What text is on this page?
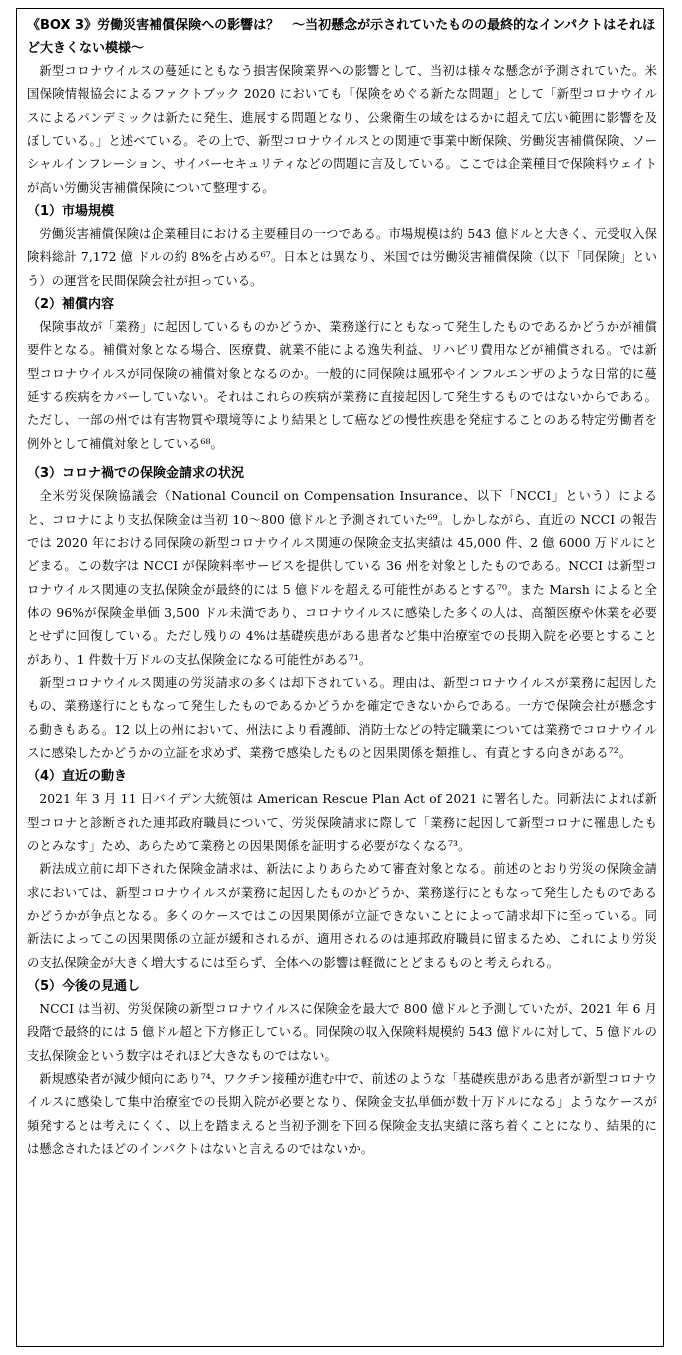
《BOX 3》労働災害補償保険への影響は？　～当初懸念が示されていたものの最終的なインパクトはそれほど大きくない模様～

新型コロナウイルスの蔓延にともなう損害保険業界への影響として、当初は様々な懸念が予測されていた。米国保険情報協会によるファクトブック 2020 においても「保険をめぐる新たな問題」として「新型コロナウイルスによるパンデミックは新たに発生、進展する問題となり、公衆衛生の域をはるかに超えて広い範囲に影響を及ぼしている。」と述べている。その上で、新型コロナウイルスとの関連で事業中断保険、労働災害補償保険、ソーシャルインフレーション、サイバーセキュリティなどの問題に言及している。ここでは企業種目で保険料ウェイトが高い労働災害補償保険について整理する。

（1）市場規模

労働災害補償保険は企業種目における主要種目の一つである。市場規模は約 543 億ドルと大きく、元受収入保険料総計 7,172 億 ドルの約 8%を占める⁶⁷。日本とは異なり、米国では労働災害補償保険（以下「同保険」という）の運営を民間保険会社が担っている。

（2）補償内容

保険事故が「業務」に起因しているものかどうか、業務遂行にともなって発生したものであるかどうかが補償要件となる。補償対象となる場合、医療費、就業不能による逸失利益、リハビリ費用などが補償される。では新型コロナウイルスが同保険の補償対象となるのか。一般的に同保険は風邪やインフルエンザのような日常的に蔓延する疾病をカバーしていない。それはこれらの疾病が業務に直接起因して発生するものではないからである。ただし、一部の州では有害物質や環境等により結果として癌などの慢性疾患を発症することのある特定労働者を例外として補償対象としている⁶⁸。

（3）コロナ禍での保険金請求の状況

全米労災保険協議会（National Council on Compensation Insurance、以下「NCCI」という）によると、コロナにより支払保険金は当初 10～800 億ドルと予測されていた⁶⁹。しかしながら、直近の NCCI の報告では 2020 年における同保険の新型コロナウイルス関連の保険金支払実績は 45,000 件、2 億 6000 万ドルにとどまる。この数字は NCCI が保険料率サービスを提供している 36 州を対象としたものである。NCCI は新型コロナウイルス関連の支払保険金が最終的には 5 億ドルを超える可能性があるとする⁷⁰。また Marsh によると全体の 96%が保険金単価 3,500 ドル未満であり、コロナウイルスに感染した多くの人は、高額医療や休業を必要とせずに回復している。ただし残りの 4%は基礎疾患がある患者など集中治療室での長期入院を必要とすることがあり、1 件数十万ドルの支払保険金になる可能性がある⁷¹。

新型コロナウイルス関連の労災請求の多くは却下されている。理由は、新型コロナウイルスが業務に起因したもの、業務遂行にともなって発生したものであるかどうかを確定できないからである。一方で保険会社が懸念する動きもある。12 以上の州において、州法により看護師、消防士などの特定職業については業務でコロナウイルスに感染したかどうかの立証を求めず、業務で感染したものと因果関係を類推し、有責とする向きがある⁷²。

（4）直近の動き

2021 年 3 月 11 日バイデン大統領は American Rescue Plan Act of 2021 に署名した。同新法によれば新型コロナと診断された連邦政府職員について、労災保険請求に際して「業務に起因して新型コロナに罹患したものとみなす」ため、あらためて業務との因果関係を証明する必要がなくなる⁷³。

新法成立前に却下された保険金請求は、新法によりあらためて審査対象となる。前述のとおり労災の保険金請求においては、新型コロナウイルスが業務に起因したものかどうか、業務遂行にともなって発生したものであるかどうかが争点となる。多くのケースではこの因果関係が立証できないことによって請求却下に至っている。同新法によってこの因果関係の立証が緩和されるが、適用されるのは連邦政府職員に留まるため、これにより労災の支払保険金が大きく増大するには至らず、全体への影響は軽微にとどまるものと考えられる。

（5）今後の見通し

NCCI は当初、労災保険の新型コロナウイルスに保険金を最大で 800 億ドルと予測していたが、2021 年 6 月段階で最終的には 5 億ドル超と下方修正している。同保険の収入保険料規模約 543 億ドルに対して、5 億ドルの支払保険金という数字はそれほど大きなものではない。

新規感染者が減少傾向にあり⁷⁴、ワクチン接種が進む中で、前述のような「基礎疾患がある患者が新型コロナウイルスに感染して集中治療室での長期入院が必要となり、保険金支払単価が数十万ドルになる」ようなケースが頻発するとは考えにくく、以上を踏まえると当初予測を下回る保険金支払実績に落ち着くことになり、結果的には懸念されたほどのインパクトはないと言えるのではないか。
